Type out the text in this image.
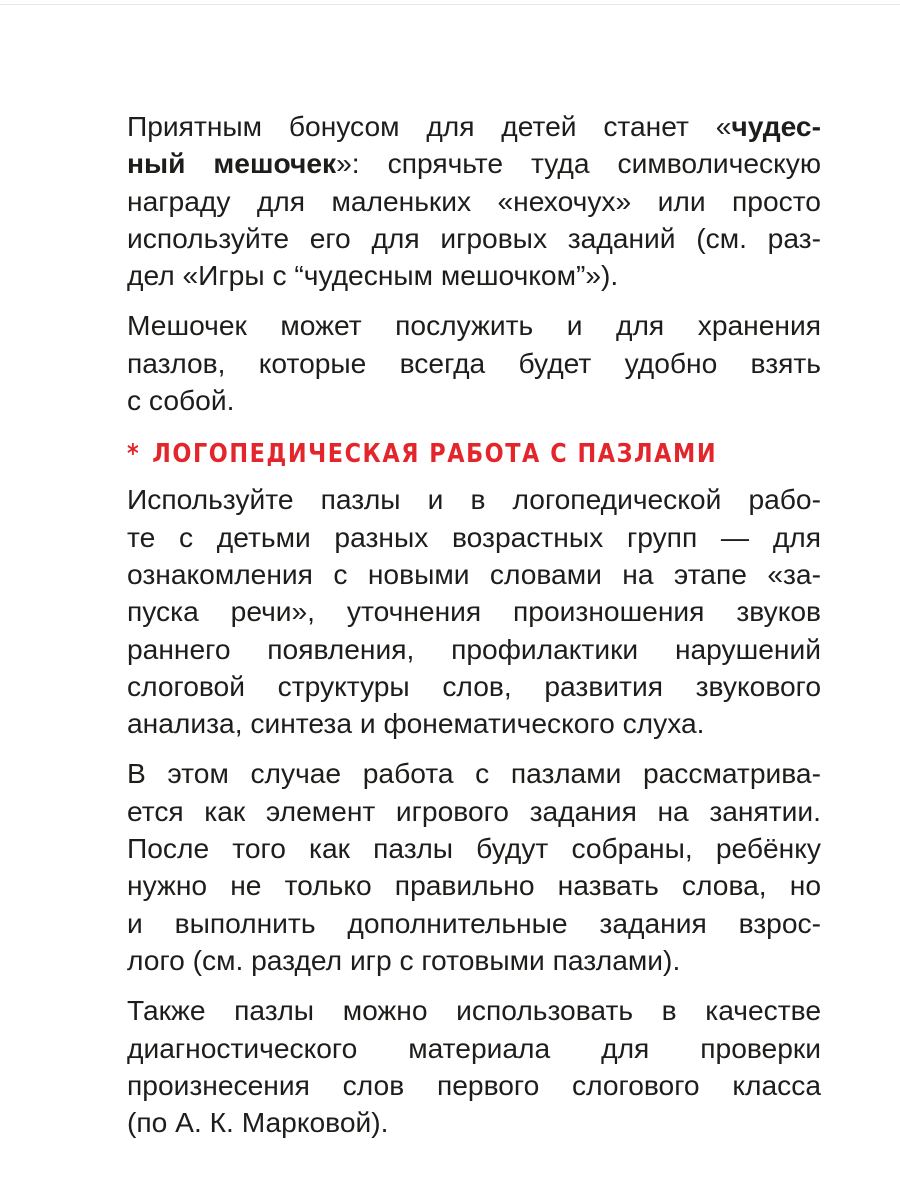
Приятным бонусом для детей станет «чудес-
ный мешочек»: спрячьте туда символическую
награду для маленьких «нехочух» или просто
используйте его для игровых заданий (см. раз-
дел «Игры с “чудесным мешочком”»).
Мешочек может послужить и для хранения
пазлов, которые всегда будет удобно взять
с собой.
* ЛОГОПЕДИЧЕСКАЯ РАБОТА С ПАЗЛАМИ
Используйте пазлы и в логопедической рабо-
те с детьми разных возрастных групп — для
ознакомления с новыми словами на этапе «за-
пуска речи», уточнения произношения звуков
раннего появления, профилактики нарушений
слоговой структуры слов, развития звукового
анализа, синтеза и фонематического слуха.
В этом случае работа с пазлами рассматрива-
ется как элемент игрового задания на занятии.
После того как пазлы будут собраны, ребёнку
нужно не только правильно назвать слова, но
и выполнить дополнительные задания взрос-
лого (см. раздел игр с готовыми пазлами).
Также пазлы можно использовать в качестве
диагностического материала для проверки
произнесения слов первого слогового класса
(по А. К. Марковой).
